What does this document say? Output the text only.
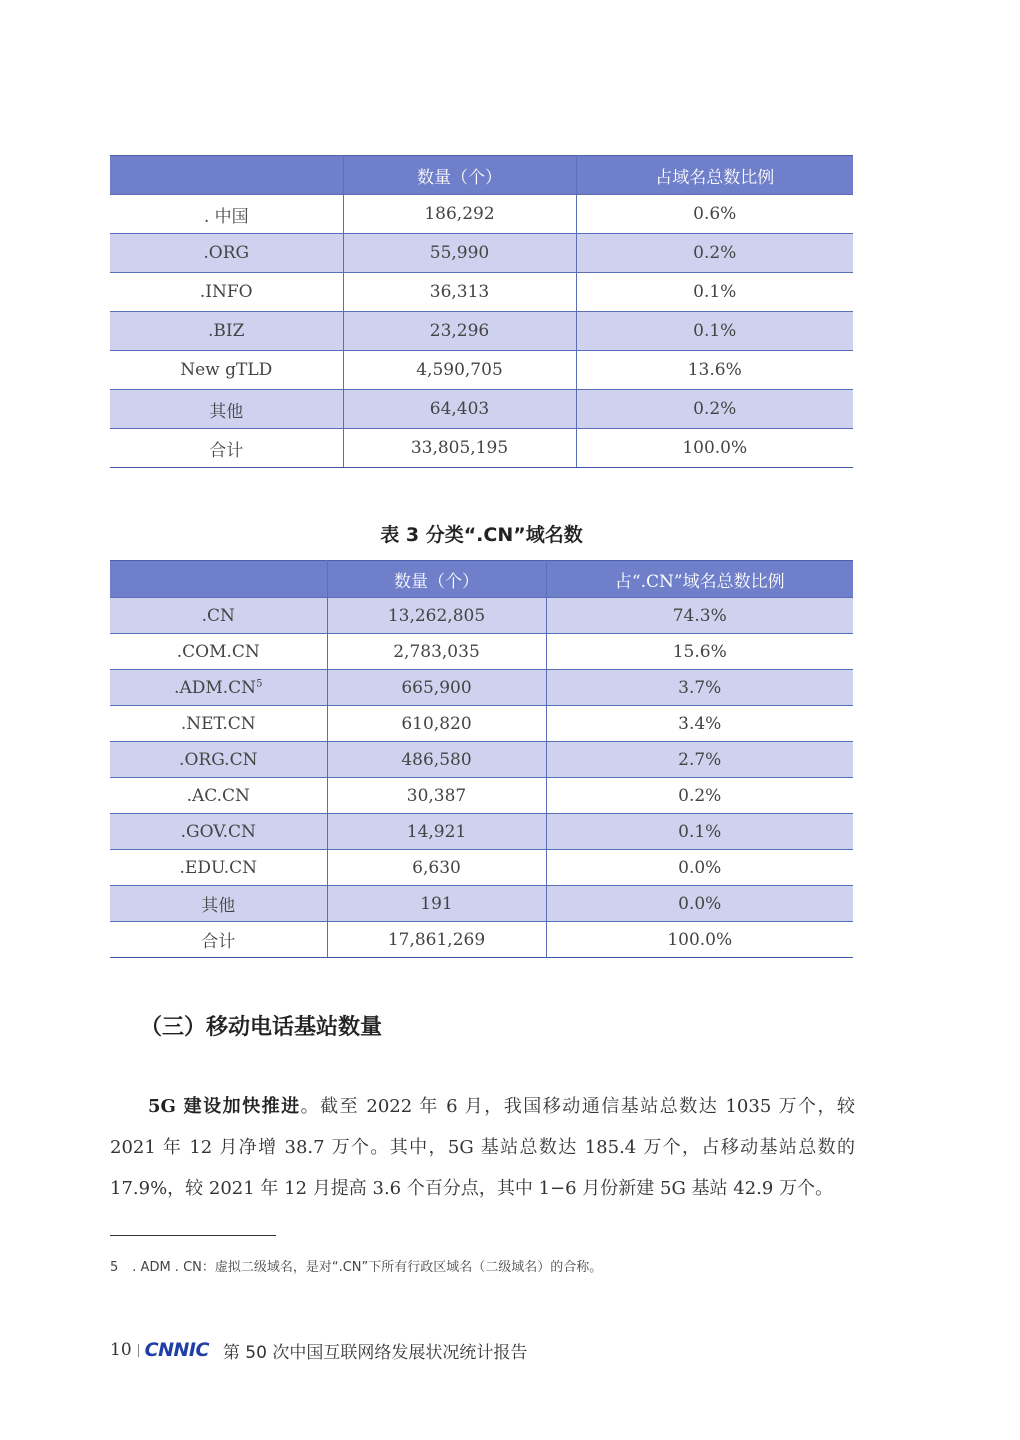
	数量（个）	占域名总数比例
. 中国	186,292	0.6%
.ORG	55,990	0.2%
.INFO	36,313	0.1%
.BIZ	23,296	0.1%
New gTLD	4,590,705	13.6%
其他	64,403	0.2%
合计	33,805,195	100.0%
表 3 分类“.CN”域名数
	数量（个）	占“.CN”域名总数比例
.CN	13,262,805	74.3%
.COM.CN	2,783,035	15.6%
$.ADM.CN^5$	665,900	3.7%
.NET.CN	610,820	3.4%
.ORG.CN	486,580	2.7%
.AC.CN	30,387	0.2%
.GOV.CN	14,921	0.1%
.EDU.CN	6,630	0.0%
其他	191	0.0%
合计	17,861,269	100.0%
（三）移动电话基站数量
5G 建设加快推进。截至 2022 年 6 月，我国移动通信基站总数达 1035 万个，较 2021 年 12 月净增 38.7 万个。其中，5G 基站总数达 185.4 万个，占移动基站总数的 17.9%，较 2021 年 12 月提高 3.6 个百分点，其中 1−6 月份新建 5G 基站 42.9 万个。
5 . ADM . CN：虚拟二级域名，是对“.CN”下所有行政区域名（二级域名）的合称。
10 CNNIC 第 50 次中国互联网络发展状况统计报告
